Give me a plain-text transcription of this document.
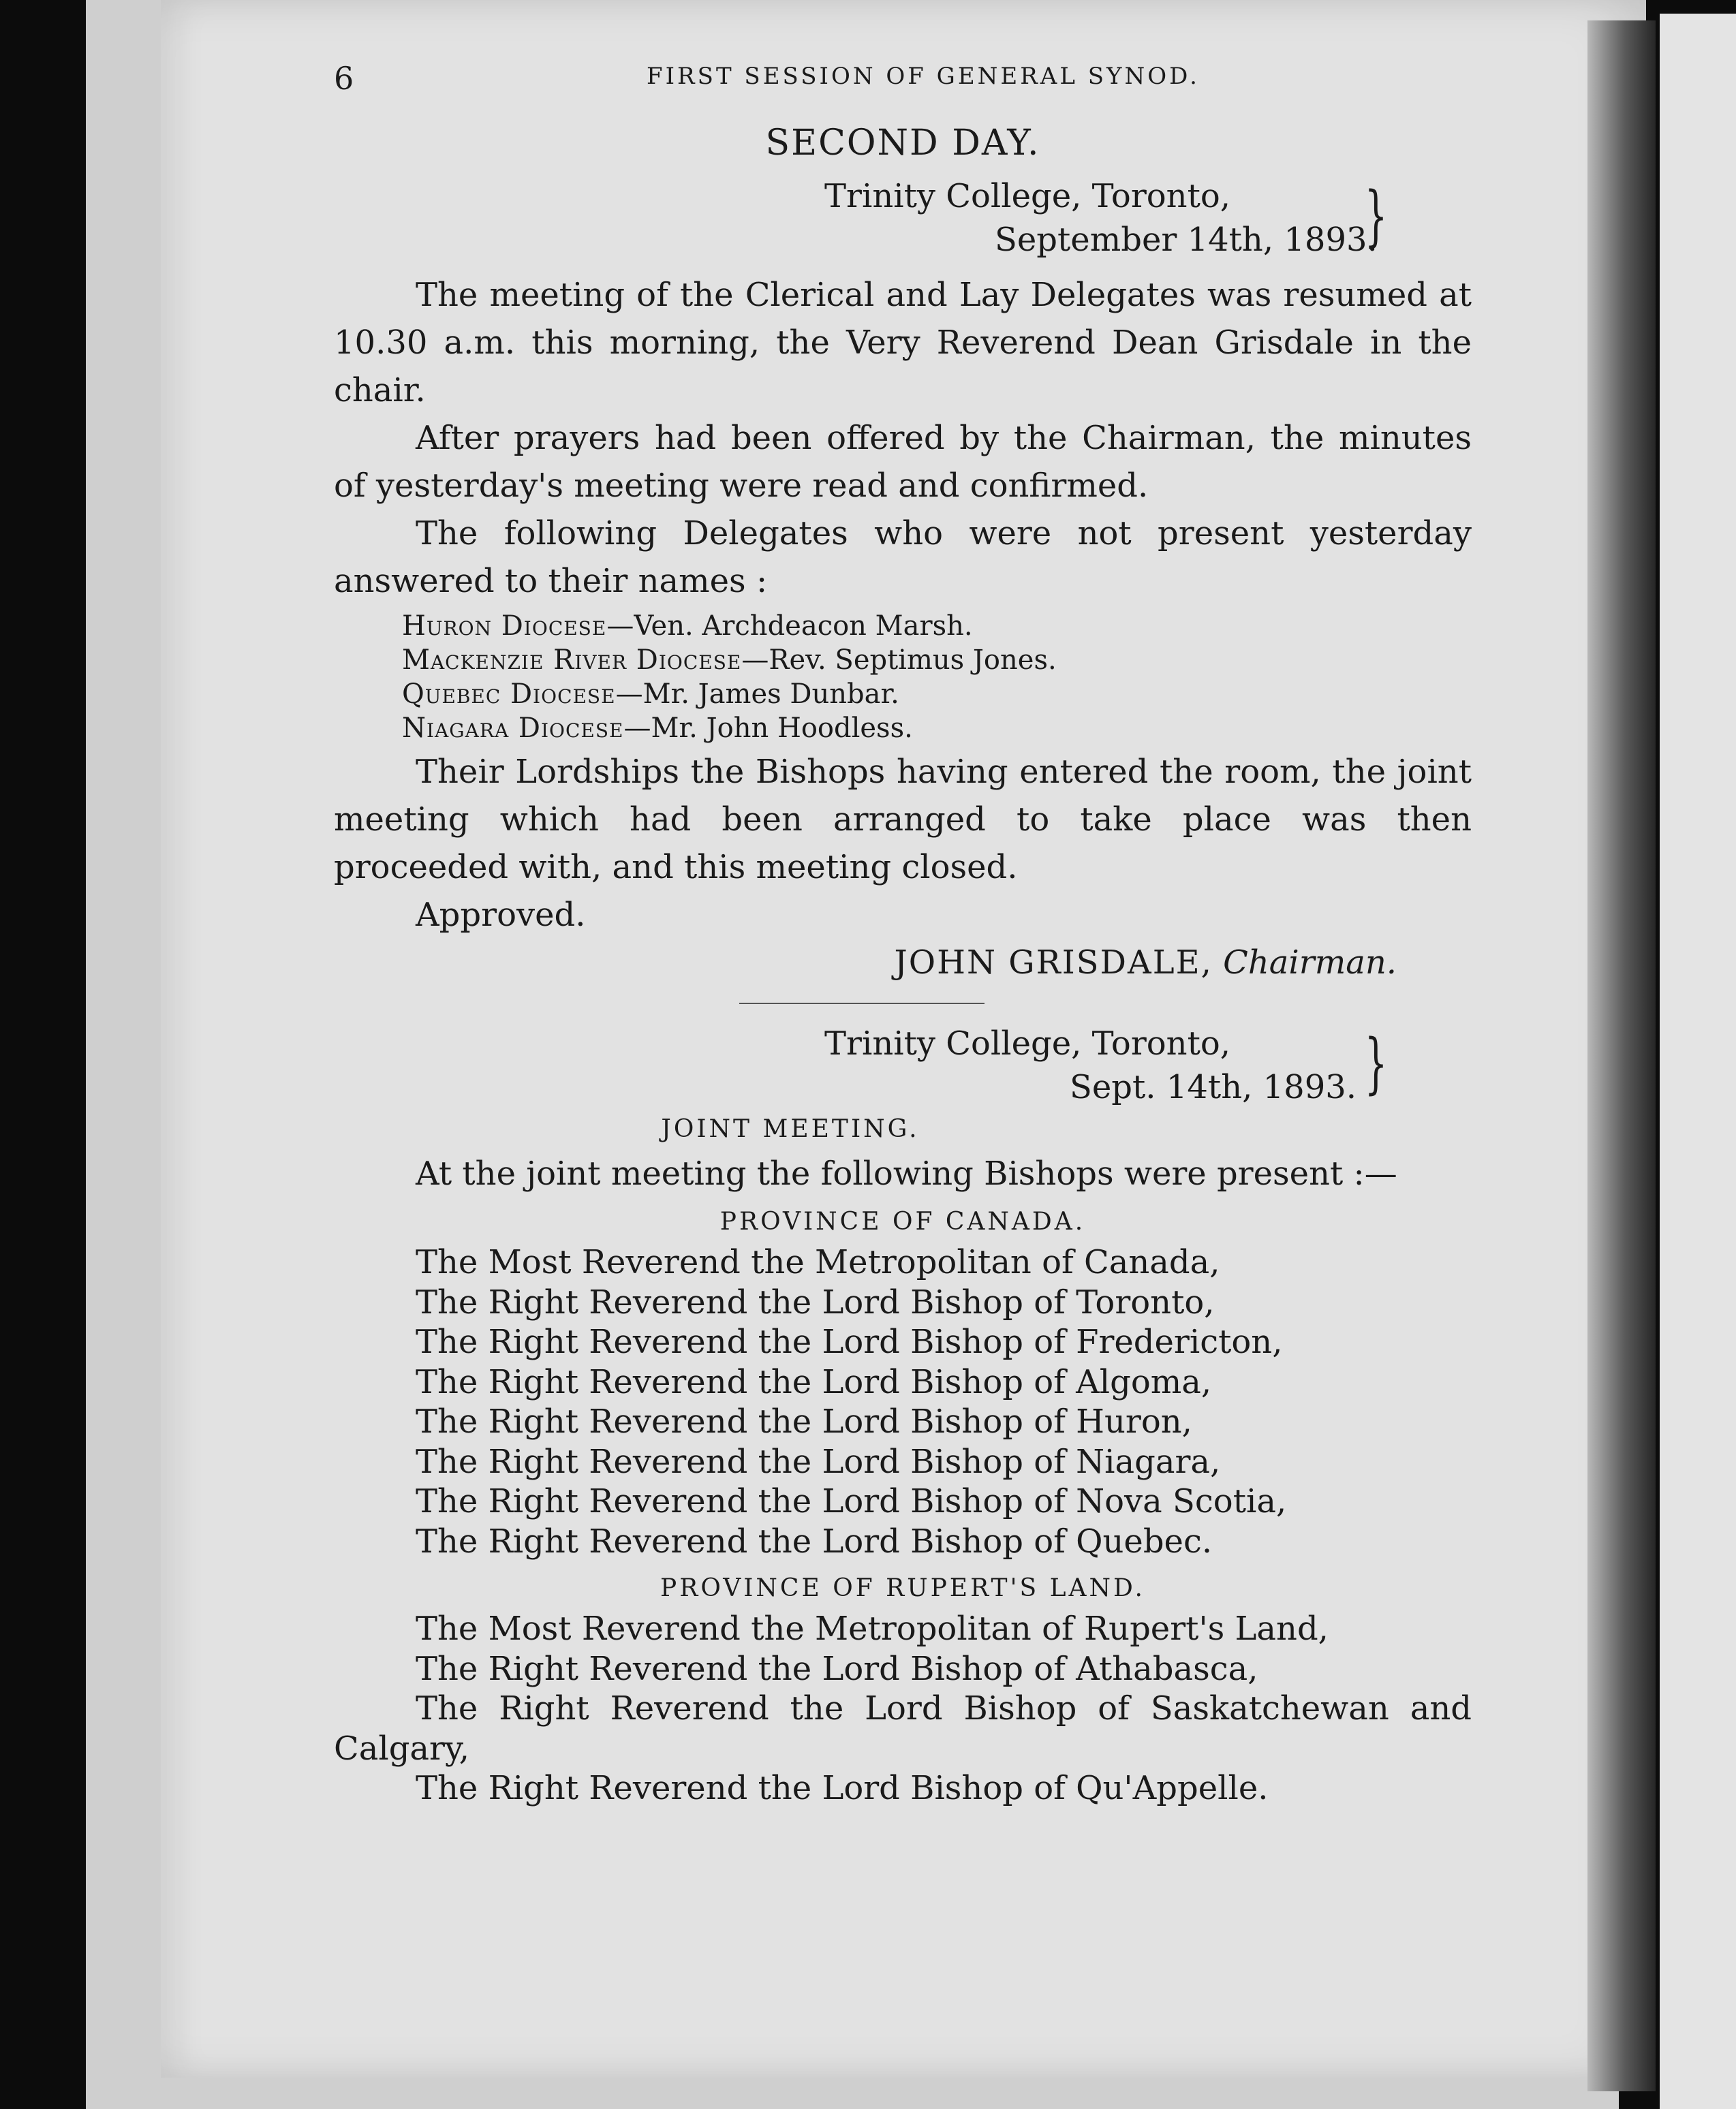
6	FIRST SESSION OF GENERAL SYNOD.
SECOND DAY.
Trinity College, Toronto,
September 14th, 1893.
}

The meeting of the Clerical and Lay Delegates was resumed at 10.30 a.m. this morning, the Very Reverend Dean Grisdale in the chair.

After prayers had been offered by the Chairman, the minutes of yesterday's meeting were read and confirmed.

The following Delegates who were not present yesterday answered to their names :

Huron Diocese—Ven. Archdeacon Marsh.
Mackenzie River Diocese—Rev. Septimus Jones.
Quebec Diocese—Mr. James Dunbar.
Niagara Diocese—Mr. John Hoodless.

Their Lordships the Bishops having entered the room, the joint meeting which had been arranged to take place was then proceeded with, and this meeting closed.

Approved.

JOHN GRISDALE, Chairman.

Trinity College, Toronto,
Sept. 14th, 1893. }

JOINT MEETING.

At the joint meeting the following Bishops were present :—

PROVINCE OF CANADA.

The Most Reverend the Metropolitan of Canada,
The Right Reverend the Lord Bishop of Toronto,
The Right Reverend the Lord Bishop of Fredericton,
The Right Reverend the Lord Bishop of Algoma,
The Right Reverend the Lord Bishop of Huron,
The Right Reverend the Lord Bishop of Niagara,
The Right Reverend the Lord Bishop of Nova Scotia,
The Right Reverend the Lord Bishop of Quebec.

PROVINCE OF RUPERT'S LAND.

The Most Reverend the Metropolitan of Rupert's Land,
The Right Reverend the Lord Bishop of Athabasca,
The Right Reverend the Lord Bishop of Saskatchewan and
Calgary,
The Right Reverend the Lord Bishop of Qu'Appelle.
